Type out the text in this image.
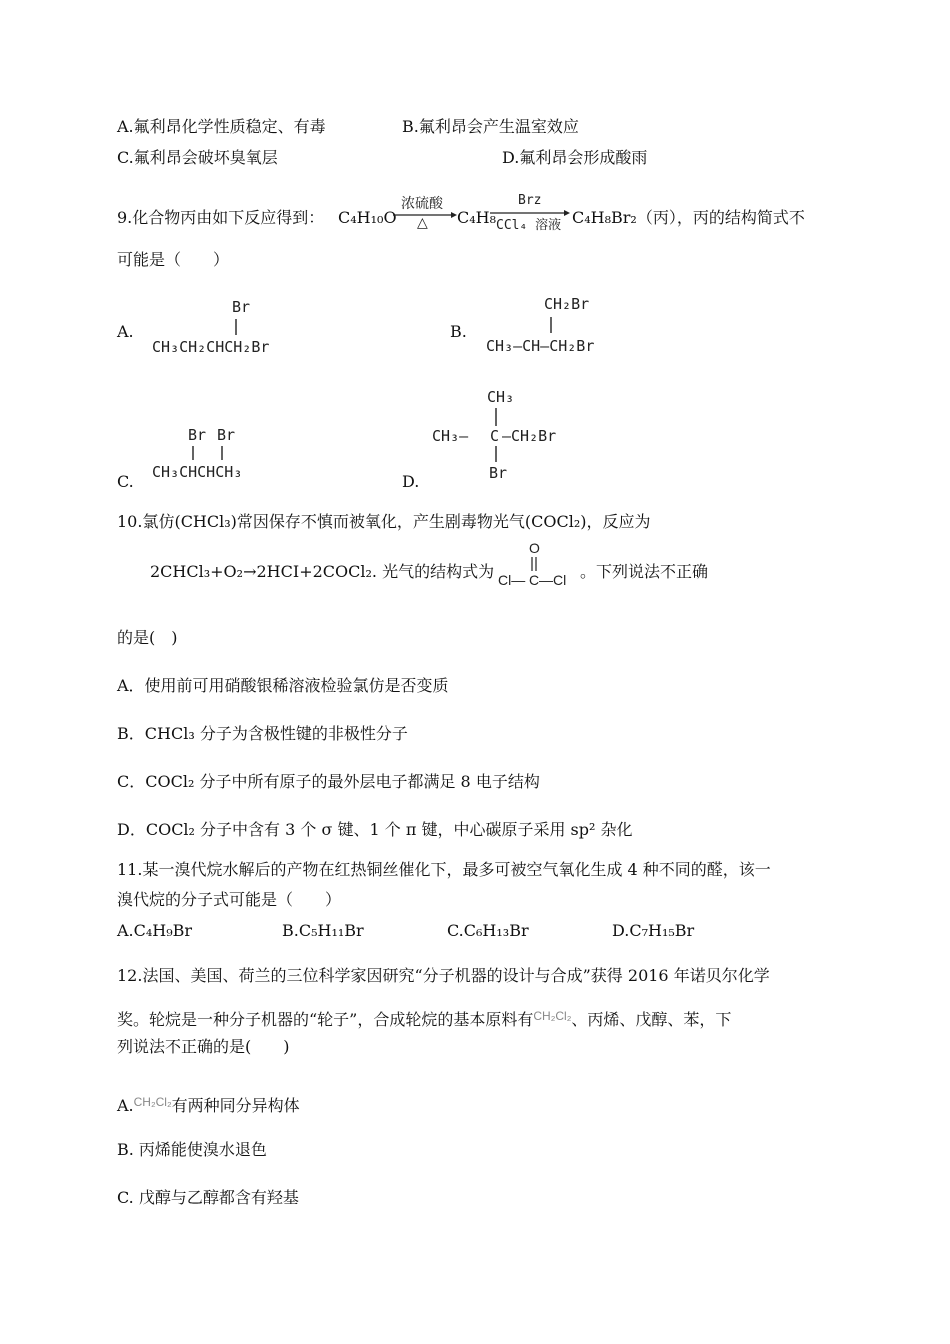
A.氟利昂化学性质稳定、有毒	B.氟利昂会产生温室效应
C.氟利昂会破坏臭氧层	D.氟利昂会形成酸雨
9.化合物丙由如下反应得到： C₄H₁₀O
浓硫酸
△ C₄H₈
Brz
CCl₄ 溶液 C₄H₈Br₂（丙），丙的结构简式不
可能是（　　）
A.
Br
CH₃CH₂CHCH₂Br
B.
CH₂Br
CH₃—CH—CH₂Br
C.
Br Br
CH₃CHCHCH₃	D.
CH₃
CH₃— C —CH₂Br
Br
10.氯仿(CHCl₃)常因保存不慎而被氧化，产生剧毒物光气(COCl₂)，反应为
2CHCl₃+O₂→2HCI+2COCl₂. 光气的结构式为
O
Cl— C —Cl 。下列说法不正确
的是(　)
A．使用前可用硝酸银稀溶液检验氯仿是否变质
B．CHCl₃ 分子为含极性键的非极性分子
C．COCl₂ 分子中所有原子的最外层电子都满足 8 电子结构
D．COCl₂ 分子中含有 3 个 σ 键、1 个 π 键，中心碳原子采用 sp² 杂化
11.某一溴代烷水解后的产物在红热铜丝催化下，最多可被空气氧化生成 4 种不同的醛，该一
溴代烷的分子式可能是（　　）
A.C₄H₉Br	B.C₅H₁₁Br	C.C₆H₁₃Br	D.C₇H₁₅Br
12.法国、美国、荷兰的三位科学家因研究“分子机器的设计与合成”获得 2016 年诺贝尔化学
奖。轮烷是一种分子机器的“轮子”，合成轮烷的基本原料有$^{CH_2Cl_2}$、丙烯、戊醇、苯，下
列说法不正确的是(　　)
A.$^{CH_2Cl_2}$有两种同分异构体
B. 丙烯能使溴水退色
C. 戊醇与乙醇都含有羟基
